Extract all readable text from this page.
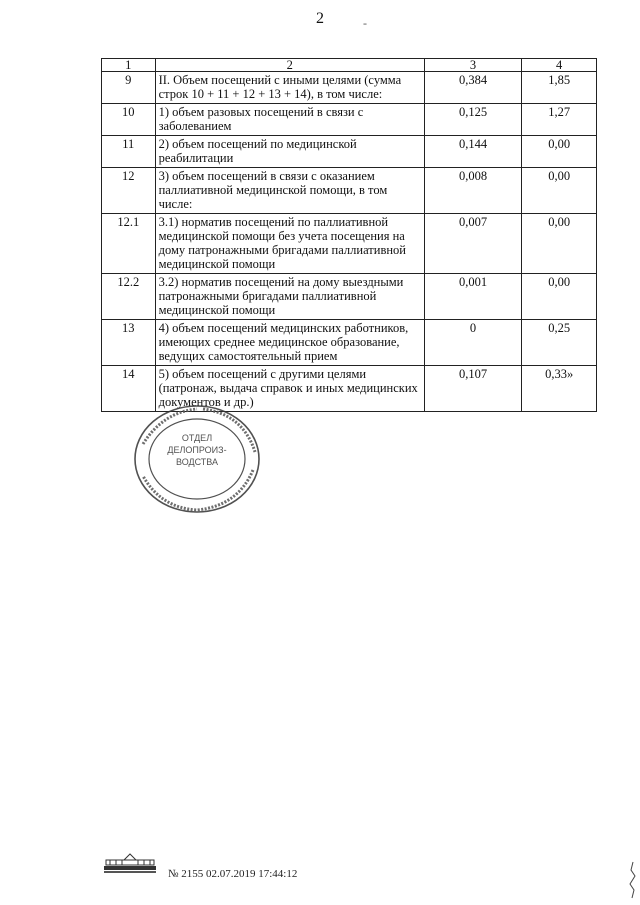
2	-
1	2	3	4
9	II. Объем посещений с иными целями (сумма строк 10 + 11 + 12 + 13 + 14), в том числе:	0,384	1,85
10	1) объем разовых посещений в связи с заболеванием	0,125	1,27
11	2) объем посещений по медицинской реабилитации	0,144	0,00
12	3) объем посещений в связи с оказанием паллиативной медицинской помощи, в том числе:	0,008	0,00
12.1	3.1) норматив посещений по паллиативной медицинской помощи без учета посещения на дому патронажными бригадами паллиативной медицинской помощи	0,007	0,00
12.2	3.2) норматив посещений на дому выездными патронажными бригадами паллиативной медицинской помощи	0,001	0,00
13	4) объем посещений медицинских работников, имеющих среднее медицинское образование, ведущих самостоятельный прием	0	0,25
14	5) объем посещений с другими целями (патронаж, выдача справок и иных медицинских документов и др.)	0,107	0,33»
ОТДЕЛ
ДЕЛОПРОИЗ-
ВОДСТВА
№ 2155 02.07.2019 17:44:12
